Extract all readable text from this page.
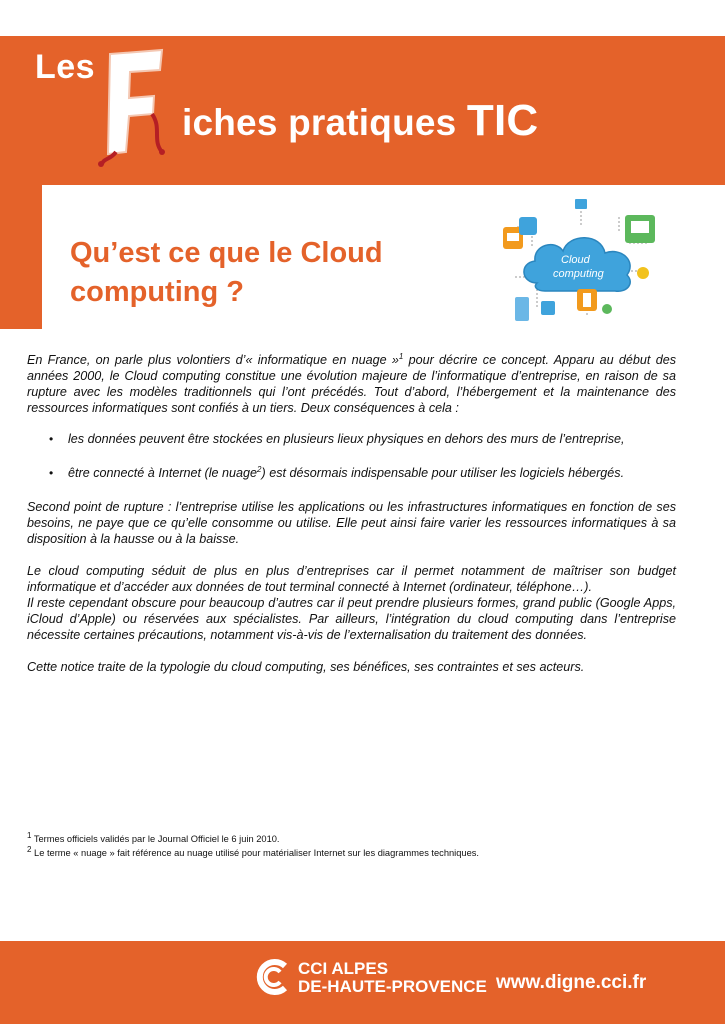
Les
iches pratiques TIC
Qu’est ce que le Cloud
computing ?
Cloud
computing

En France, on parle plus volontiers d’« informatique en nuage »$^1$ pour décrire ce concept. Apparu au début des années 2000, le Cloud computing constitue une évolution majeure de l’informatique d’entreprise, en raison de sa rupture avec les modèles traditionnels qui l’ont précédés. Tout d’abord, l’hébergement et la maintenance des ressources informatiques sont confiés à un tiers. Deux conséquences à cela :

• les données peuvent être stockées en plusieurs lieux physiques en dehors des murs de l’entreprise,

• être connecté à Internet (le nuage$^2$) est désormais indispensable pour utiliser les logiciels hébergés.

Second point de rupture : l’entreprise utilise les applications ou les infrastructures informatiques en fonction de ses besoins, ne paye que ce qu’elle consomme ou utilise. Elle peut ainsi faire varier les ressources informatiques à sa disposition à la hausse ou à la baisse.

Le cloud computing séduit de plus en plus d’entreprises car il permet notamment de maîtriser son budget informatique et d’accéder aux données de tout terminal connecté à Internet (ordinateur, téléphone…).

Il reste cependant obscure pour beaucoup d’autres car il peut prendre plusieurs formes, grand public (Google Apps, iCloud d’Apple) ou réservées aux spécialistes. Par ailleurs, l’intégration du cloud computing dans l’entreprise nécessite certaines précautions, notamment vis-à-vis de l’externalisation du traitement des données.

Cette notice traite de la typologie du cloud computing, ses bénéfices, ses contraintes et ses acteurs.

$^1$ Termes officiels validés par le Journal Officiel le 6 juin 2010.
$^2$ Le terme « nuage » fait référence au nuage utilisé pour matérialiser Internet sur les diagrammes techniques.
CCI ALPES
DE-HAUTE-PROVENCE www.digne.cci.fr
